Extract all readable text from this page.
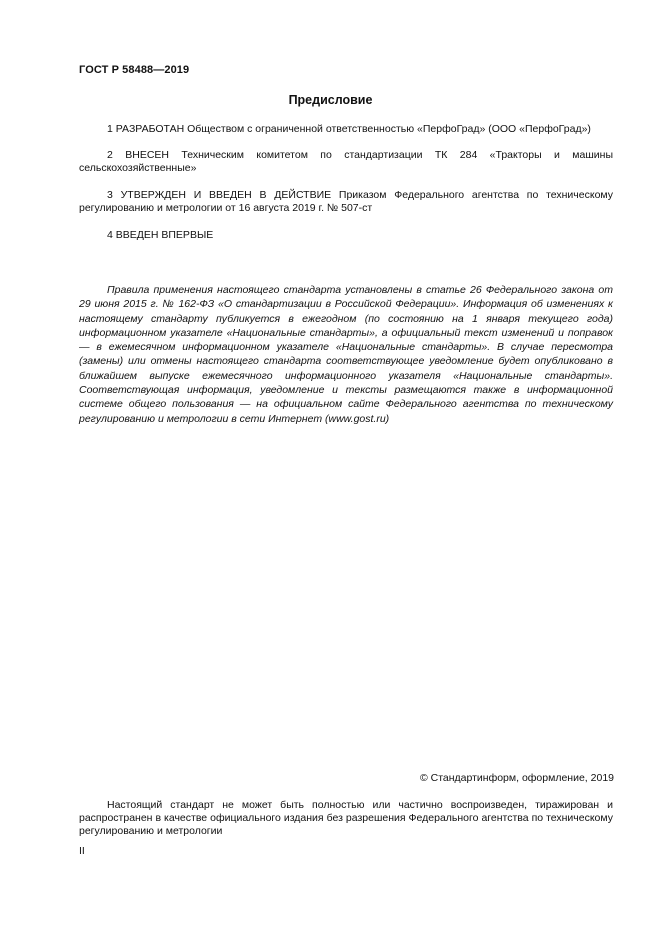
ГОСТ Р 58488—2019
Предисловие

1 РАЗРАБОТАН Обществом с ограниченной ответственностью «ПерфоГрад» (ООО «ПерфоГрад»)

2 ВНЕСЕН Техническим комитетом по стандартизации ТК 284 «Тракторы и машины сельскохозяйственные»

3 УТВЕРЖДЕН И ВВЕДЕН В ДЕЙСТВИЕ Приказом Федерального агентства по техническому регулированию и метрологии от 16 августа 2019 г. № 507-ст

4 ВВЕДЕН ВПЕРВЫЕ

Правила применения настоящего стандарта установлены в статье 26 Федерального закона от 29 июня 2015 г. № 162-ФЗ «О стандартизации в Российской Федерации». Информация об изменениях к настоящему стандарту публикуется в ежегодном (по состоянию на 1 января текущего года) информационном указателе «Национальные стандарты», а официальный текст изменений и поправок — в ежемесячном информационном указателе «Национальные стандарты». В случае пересмотра (замены) или отмены настоящего стандарта соответствующее уведомление будет опубликовано в ближайшем выпуске ежемесячного информационного указателя «Национальные стандарты». Соответствующая информация, уведомление и тексты размещаются также в информационной системе общего пользования — на официальном сайте Федерального агентства по техническому регулированию и метрологии в сети Интернет (www.gost.ru)

© Стандартинформ, оформление, 2019

Настоящий стандарт не может быть полностью или частично воспроизведен, тиражирован и распространен в качестве официального издания без разрешения Федерального агентства по техническому регулированию и метрологии

II
